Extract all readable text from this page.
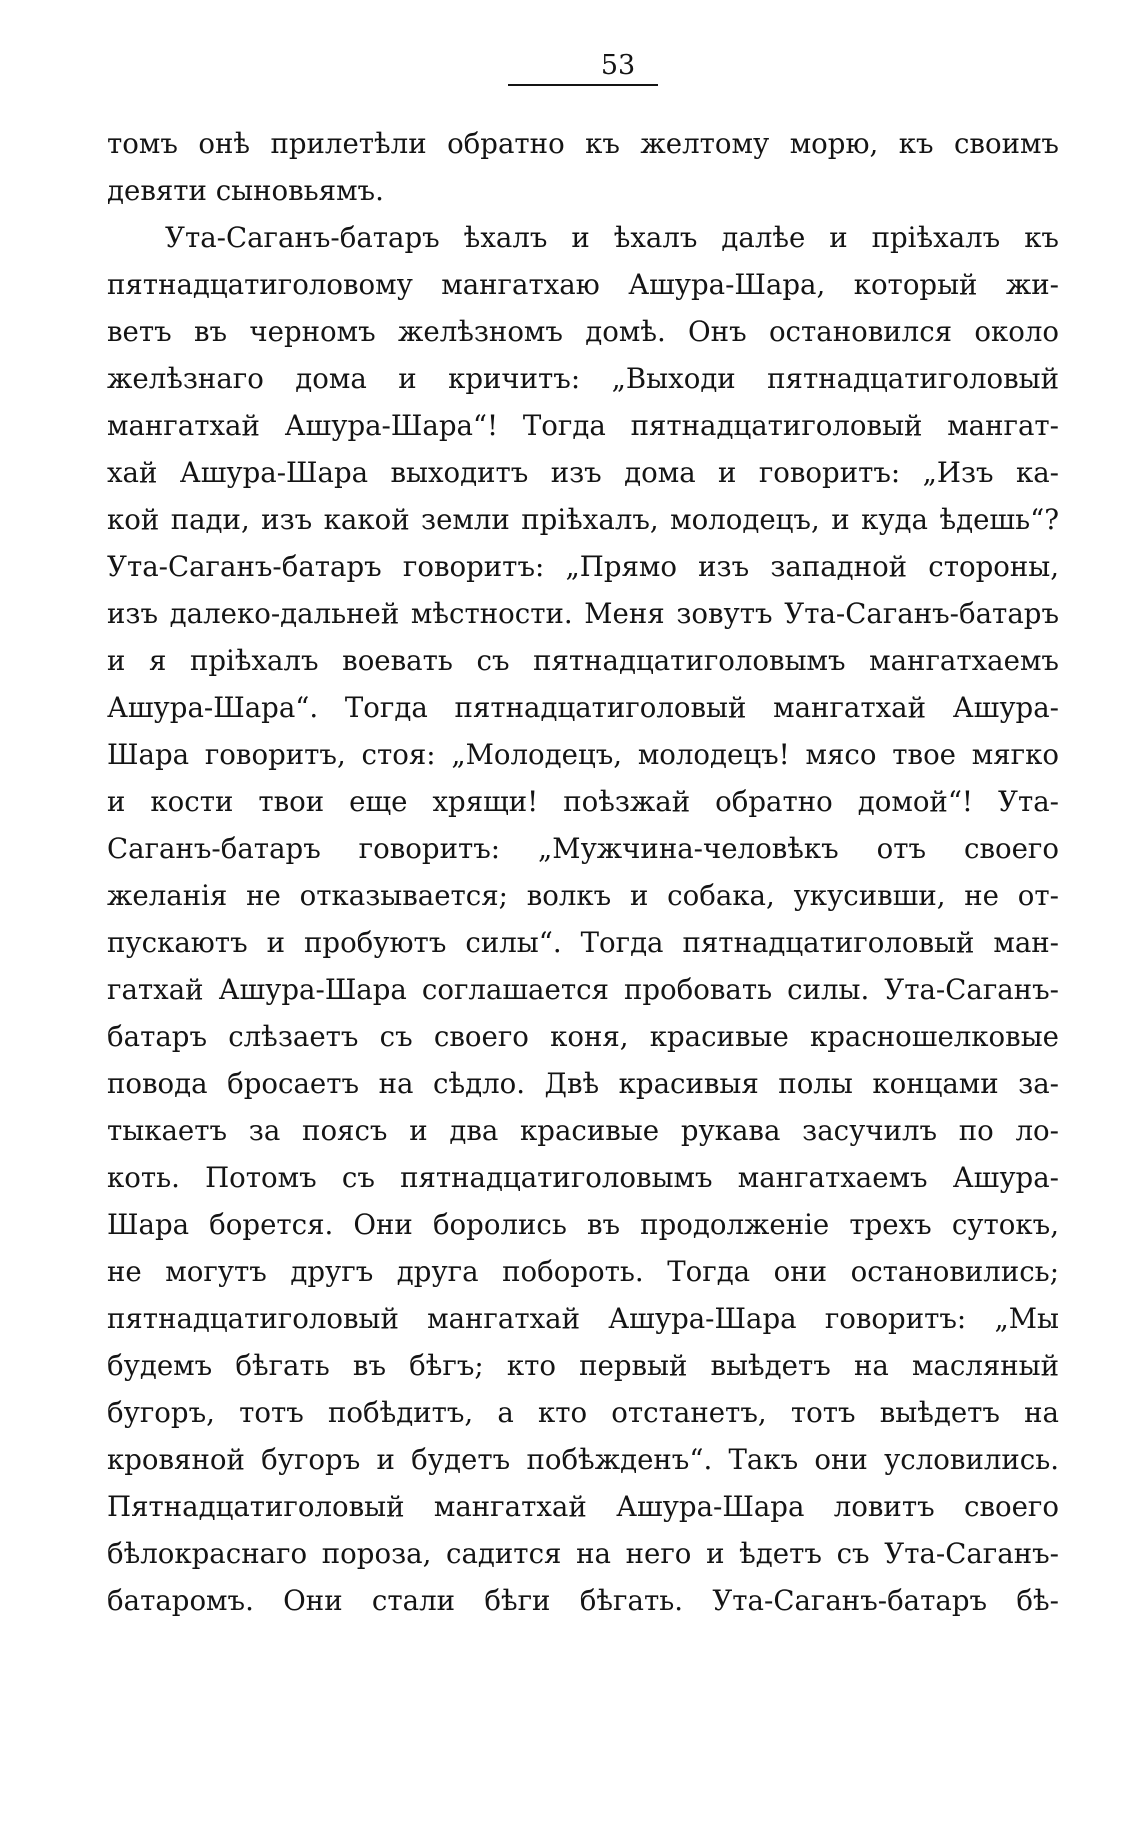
53
томъ онѣ прилетѣли обратно къ желтому морю, къ своимъ
девяти сыновьямъ.
Ута-Саганъ-батаръ ѣхалъ и ѣхалъ далѣе и пріѣхалъ къ
пятнадцатиголовому мангатхаю Ашура-Шара, который жи-
ветъ въ черномъ желѣзномъ домѣ. Онъ остановился около
желѣзнаго дома и кричитъ: „Выходи пятнадцатиголовый
мангатхай Ашура-Шара“! Тогда пятнадцатиголовый мангат-
хай Ашура-Шара выходитъ изъ дома и говоритъ: „Изъ ка-
кой пади, изъ какой земли пріѣхалъ, молодецъ, и куда ѣдешь“?
Ута-Саганъ-батаръ говоритъ: „Прямо изъ западной стороны,
изъ далеко-дальней мѣстности. Меня зовутъ Ута-Саганъ-батаръ
и я пріѣхалъ воевать съ пятнадцатиголовымъ мангатхаемъ
Ашура-Шара“. Тогда пятнадцатиголовый мангатхай Ашура-
Шара говоритъ, стоя: „Молодецъ, молодецъ! мясо твое мягко
и кости твои еще хрящи! поѣзжай обратно домой“! Ута-
Саганъ-батаръ говоритъ: „Мужчина-человѣкъ отъ своего
желанія не отказывается; волкъ и собака, укусивши, не от-
пускаютъ и пробуютъ силы“. Тогда пятнадцатиголовый ман-
гатхай Ашура-Шара соглашается пробовать силы. Ута-Саганъ-
батаръ слѣзаетъ съ своего коня, красивые красношелковые
повода бросаетъ на сѣдло. Двѣ красивыя полы концами за-
тыкаетъ за поясъ и два красивые рукава засучилъ по ло-
коть. Потомъ съ пятнадцатиголовымъ мангатхаемъ Ашура-
Шара борется. Они боролись въ продолженіе трехъ сутокъ,
не могутъ другъ друга побороть. Тогда они остановились;
пятнадцатиголовый мангатхай Ашура-Шара говоритъ: „Мы
будемъ бѣгать въ бѣгъ; кто первый выѣдетъ на масляный
бугоръ, тотъ побѣдитъ, а кто отстанетъ, тотъ выѣдетъ на
кровяной бугоръ и будетъ побѣжденъ“. Такъ они условились.
Пятнадцатиголовый мангатхай Ашура-Шара ловитъ своего
бѣлокраснаго пороза, садится на него и ѣдетъ съ Ута-Саганъ-
батаромъ. Они стали бѣги бѣгать. Ута-Саганъ-батаръ бѣ-
